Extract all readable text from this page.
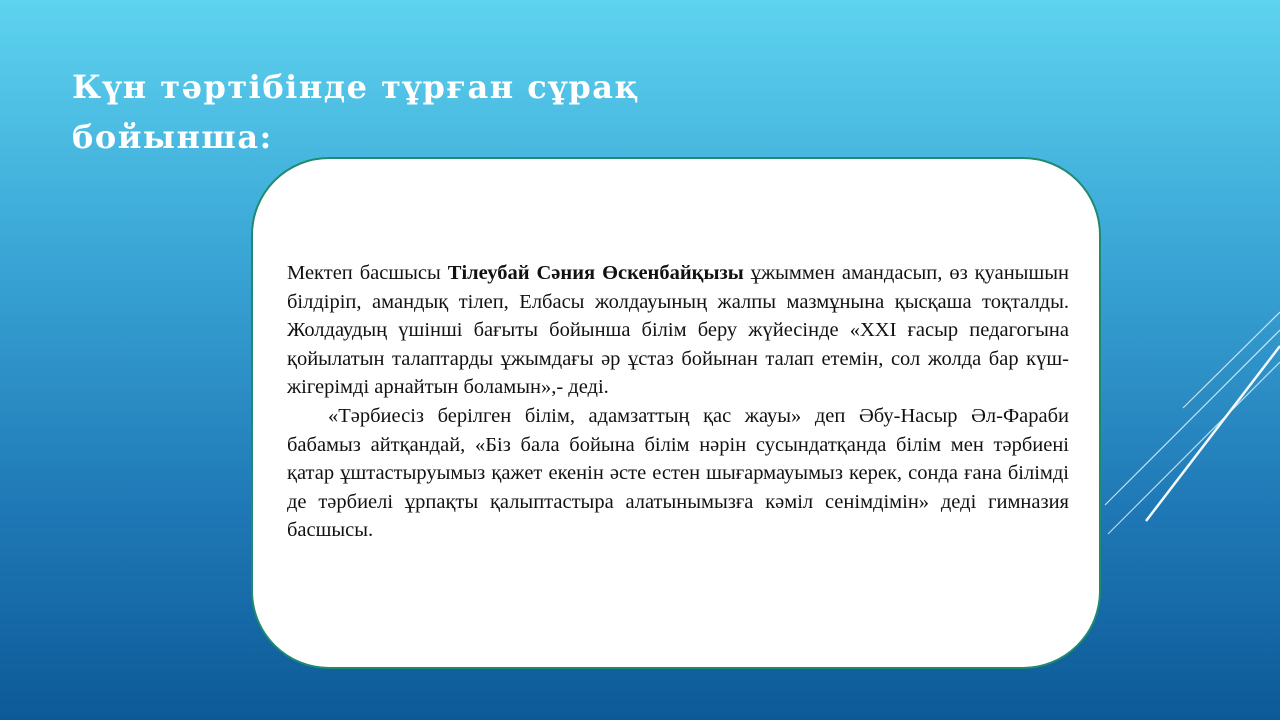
Күн тәртібінде тұрған сұрақ бойынша:

Мектеп басшысы Тілеубай Сәния Өскенбайқызы ұжыммен амандасып, өз қуанышын білдіріп, амандық тілеп, Елбасы жолдауының жалпы мазмұнына қысқаша тоқталды. Жолдаудың үшінші бағыты бойынша білім беру жүйесінде «XXI ғасыр педагогына қойылатын талаптарды ұжымдағы әр ұстаз бойынан талап етемін, сол жолда бар күш-жігерімді арнайтын боламын»,- деді.

«Тәрбиесіз берілген білім, адамзаттың қас жауы» деп Әбу-Насыр Әл-Фараби бабамыз айтқандай, «Біз бала бойына білім нәрін сусындатқанда білім мен тәрбиені қатар ұштастыруымыз қажет екенін әсте естен шығармауымыз керек, сонда ғана білімді де тәрбиелі ұрпақты қалыптастыра алатынымызға кәміл сенімдімін» деді гимназия басшысы.
